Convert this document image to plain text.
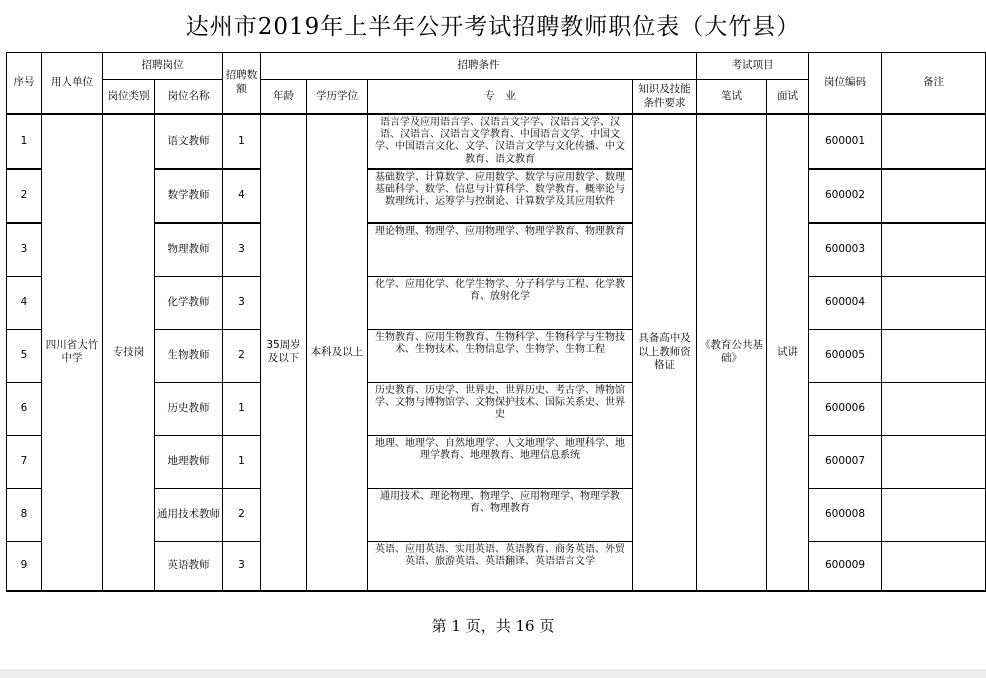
达州市2019年上半年公开考试招聘教师职位表（大竹县）
序号	用人单位	招聘岗位		招聘数额	招聘条件				考试项目		岗位编码	备注
		岗位类别	岗位名称		年龄	学历学位	专　业	知识及技能条件要求	笔试	面试		
1	四川省大竹中学	专技岗	语文教师	1	35周岁及以下	本科及以上	语言学及应用语言学、汉语言文字学、汉语言文学、汉语、汉语言、汉语言文学教育、中国语言文学、中国文学、中国语言文化、文学、汉语言文学与文化传播、中文教育、语文教育	具备高中及以上教师资格证	《教育公共基础》	试讲	600001	
2			数学教师	4			基础数学、计算数学、应用数学、数学与应用数学、数理基础科学、数学、信息与计算科学、数学教育、概率论与数理统计、运筹学与控制论、计算数学及其应用软件				600002	
3			物理教师	3			理论物理、物理学、应用物理学、物理学教育、物理教育				600003	
4			化学教师	3			化学、应用化学、化学生物学、分子科学与工程、化学教育、放射化学				600004	
5			生物教师	2			生物教育、应用生物教育、生物科学、生物科学与生物技术、生物技术、生物信息学、生物学、生物工程				600005	
6			历史教师	1			历史教育、历史学、世界史、世界历史、考古学、博物馆学、文物与博物馆学、文物保护技术、国际关系史、世界史				600006	
7			地理教师	1			地理、地理学、自然地理学、人文地理学、地理科学、地理学教育、地理教育、地理信息系统				600007	
8			通用技术教师	2			通用技术、理论物理、物理学、应用物理学、物理学教育、物理教育				600008	
9			英语教师	3			英语、应用英语、实用英语、英语教育、商务英语、外贸英语、旅游英语、英语翻译、英语语言文学				600009	
第 1 页，共 16 页
